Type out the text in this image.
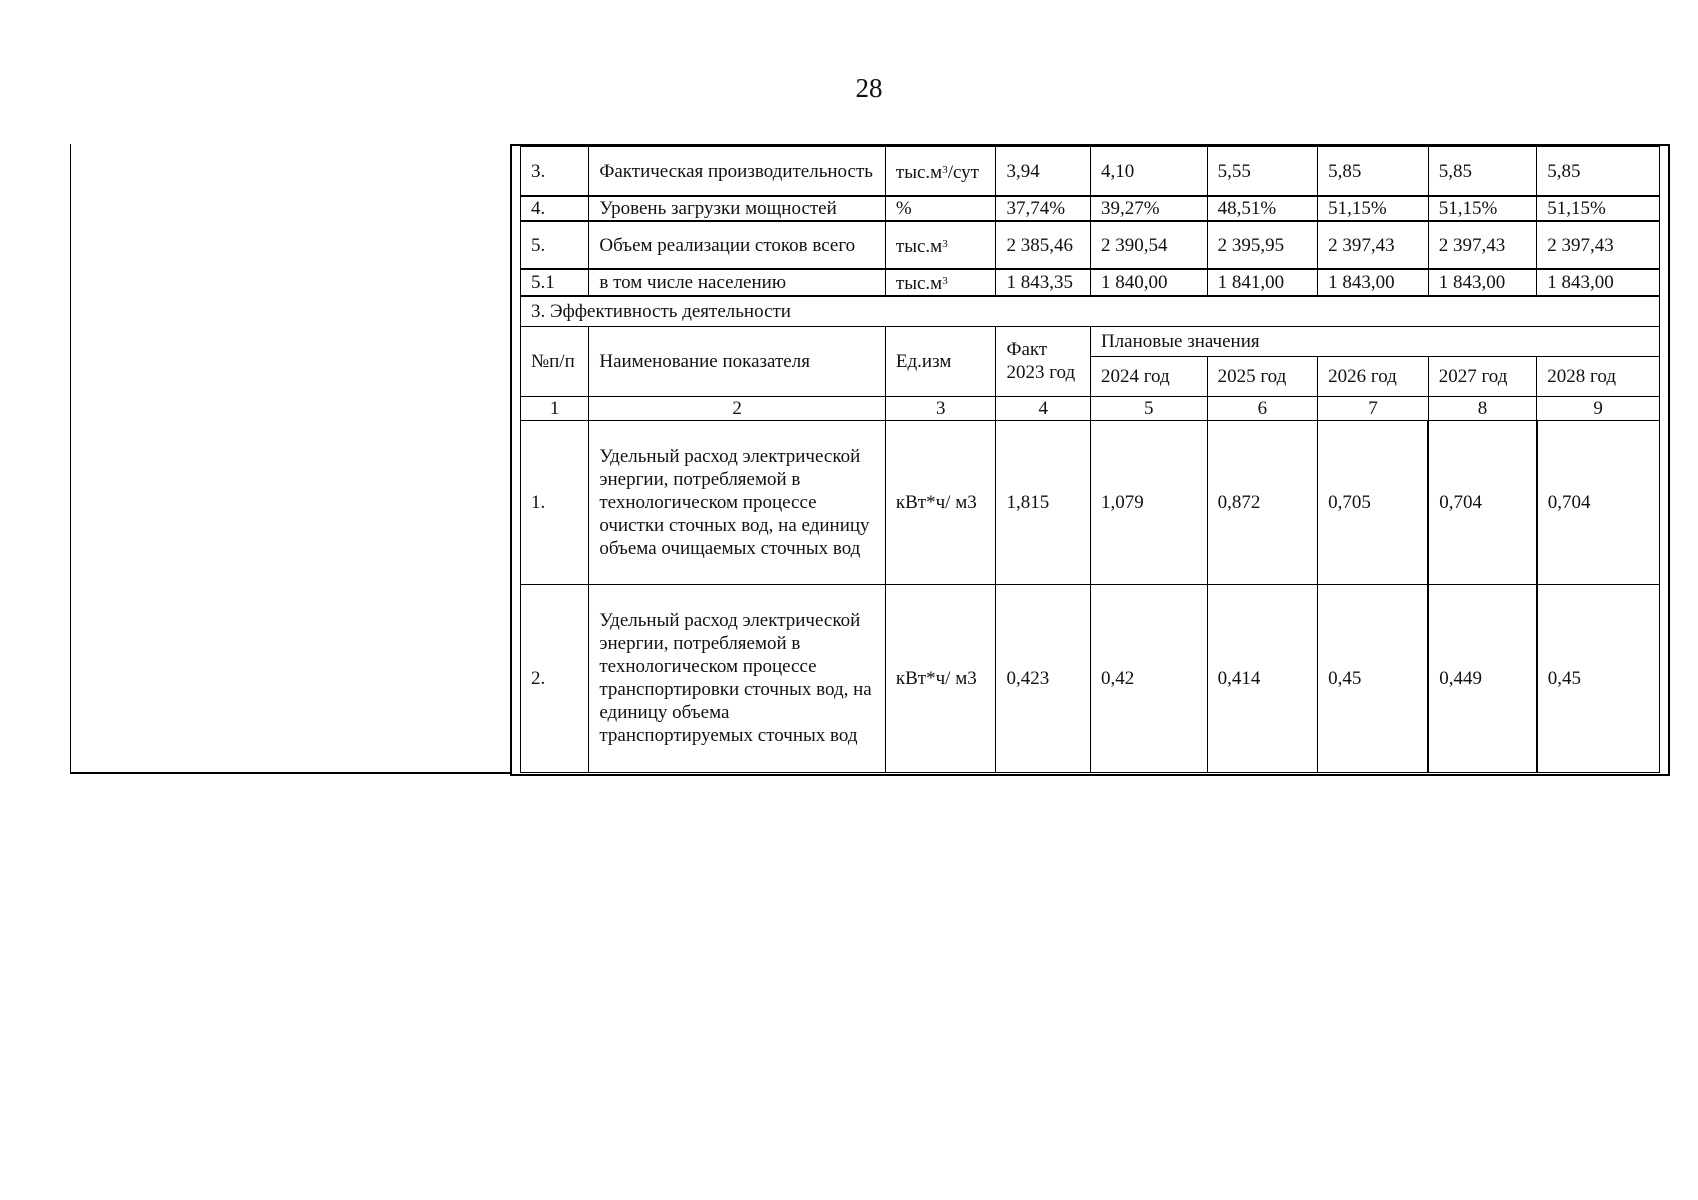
28
3.	Фактическая производительность	$тыс.м^3$/сут	3,94	4,10	5,55	5,85	5,85	5,85
4.	Уровень загрузки мощностей	%	37,74%	39,27%	48,51%	51,15%	51,15%	51,15%
5.	Объем реализации стоков всего	$тыс.м^3$	2 385,46	2 390,54	2 395,95	2 397,43	2 397,43	2 397,43
5.1	в том числе населению	$тыс.м^3$	1 843,35	1 840,00	1 841,00	1 843,00	1 843,00	1 843,00
3. Эффективность деятельности								
№п/п	Наименование показателя	Ед.изм	Факт 2023 год	Плановые значения				
				2024 год	2025 год	2026 год	2027 год	2028 год
1	2	3	4	5	6	7	8	9
1.	Удельный расход электрической энергии, потребляемой в технологическом процессе очистки сточных вод, на единицу объема очищаемых сточных вод	кВт*ч/ м3	1,815	1,079	0,872	0,705	0,704	0,704
2.	Удельный расход электрической энергии, потребляемой в технологическом процессе транспортировки сточных вод, на единицу объема транспортируемых сточных вод	кВт*ч/ м3	0,423	0,42	0,414	0,45	0,449	0,45
